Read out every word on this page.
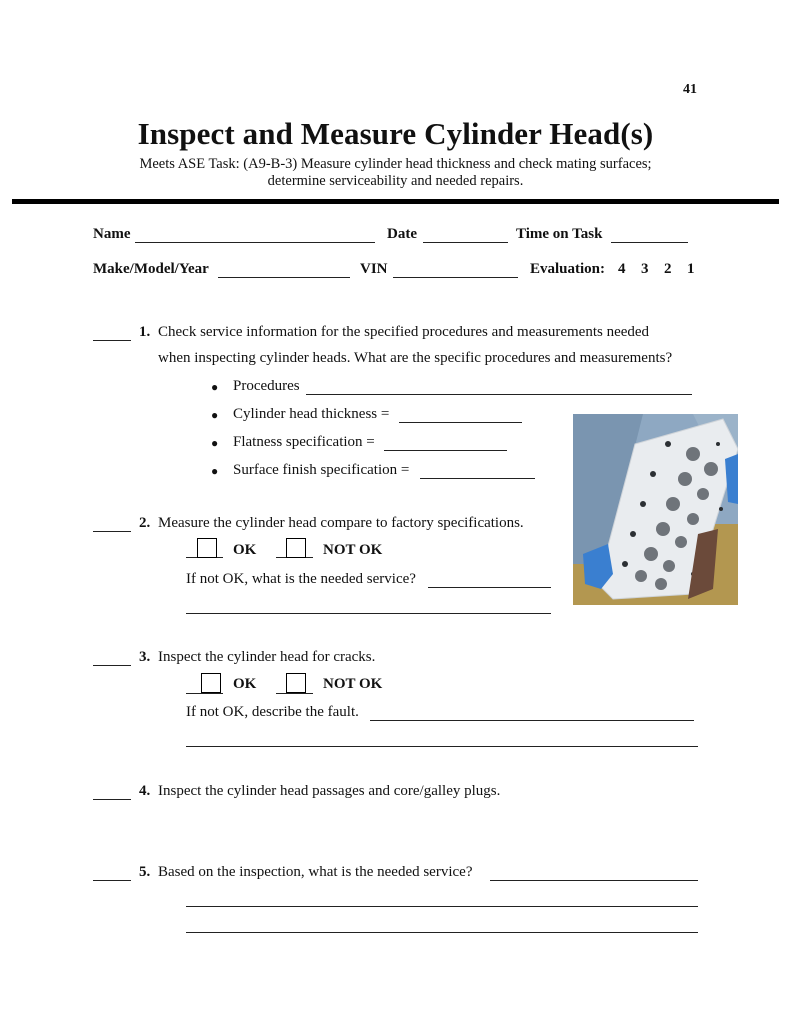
41
Inspect and Measure Cylinder Head(s)
Meets ASE Task: (A9-B-3) Measure cylinder head thickness and check mating surfaces;
determine serviceability and needed repairs.
Name	Date	Time on Task
Make/Model/Year	VIN	Evaluation: 4 3 2 1
1. Check service information for the specified procedures and measurements needed
when inspecting cylinder heads. What are the specific procedures and measurements?
● Procedures
● Cylinder head thickness =
● Flatness specification =
● Surface finish specification =
2. Measure the cylinder head compare to factory specifications.
OK	NOT OK
If not OK, what is the needed service?
3. Inspect the cylinder head for cracks.
OK	NOT OK
If not OK, describe the fault.
4. Inspect the cylinder head passages and core/galley plugs.
5. Based on the inspection, what is the needed service?
